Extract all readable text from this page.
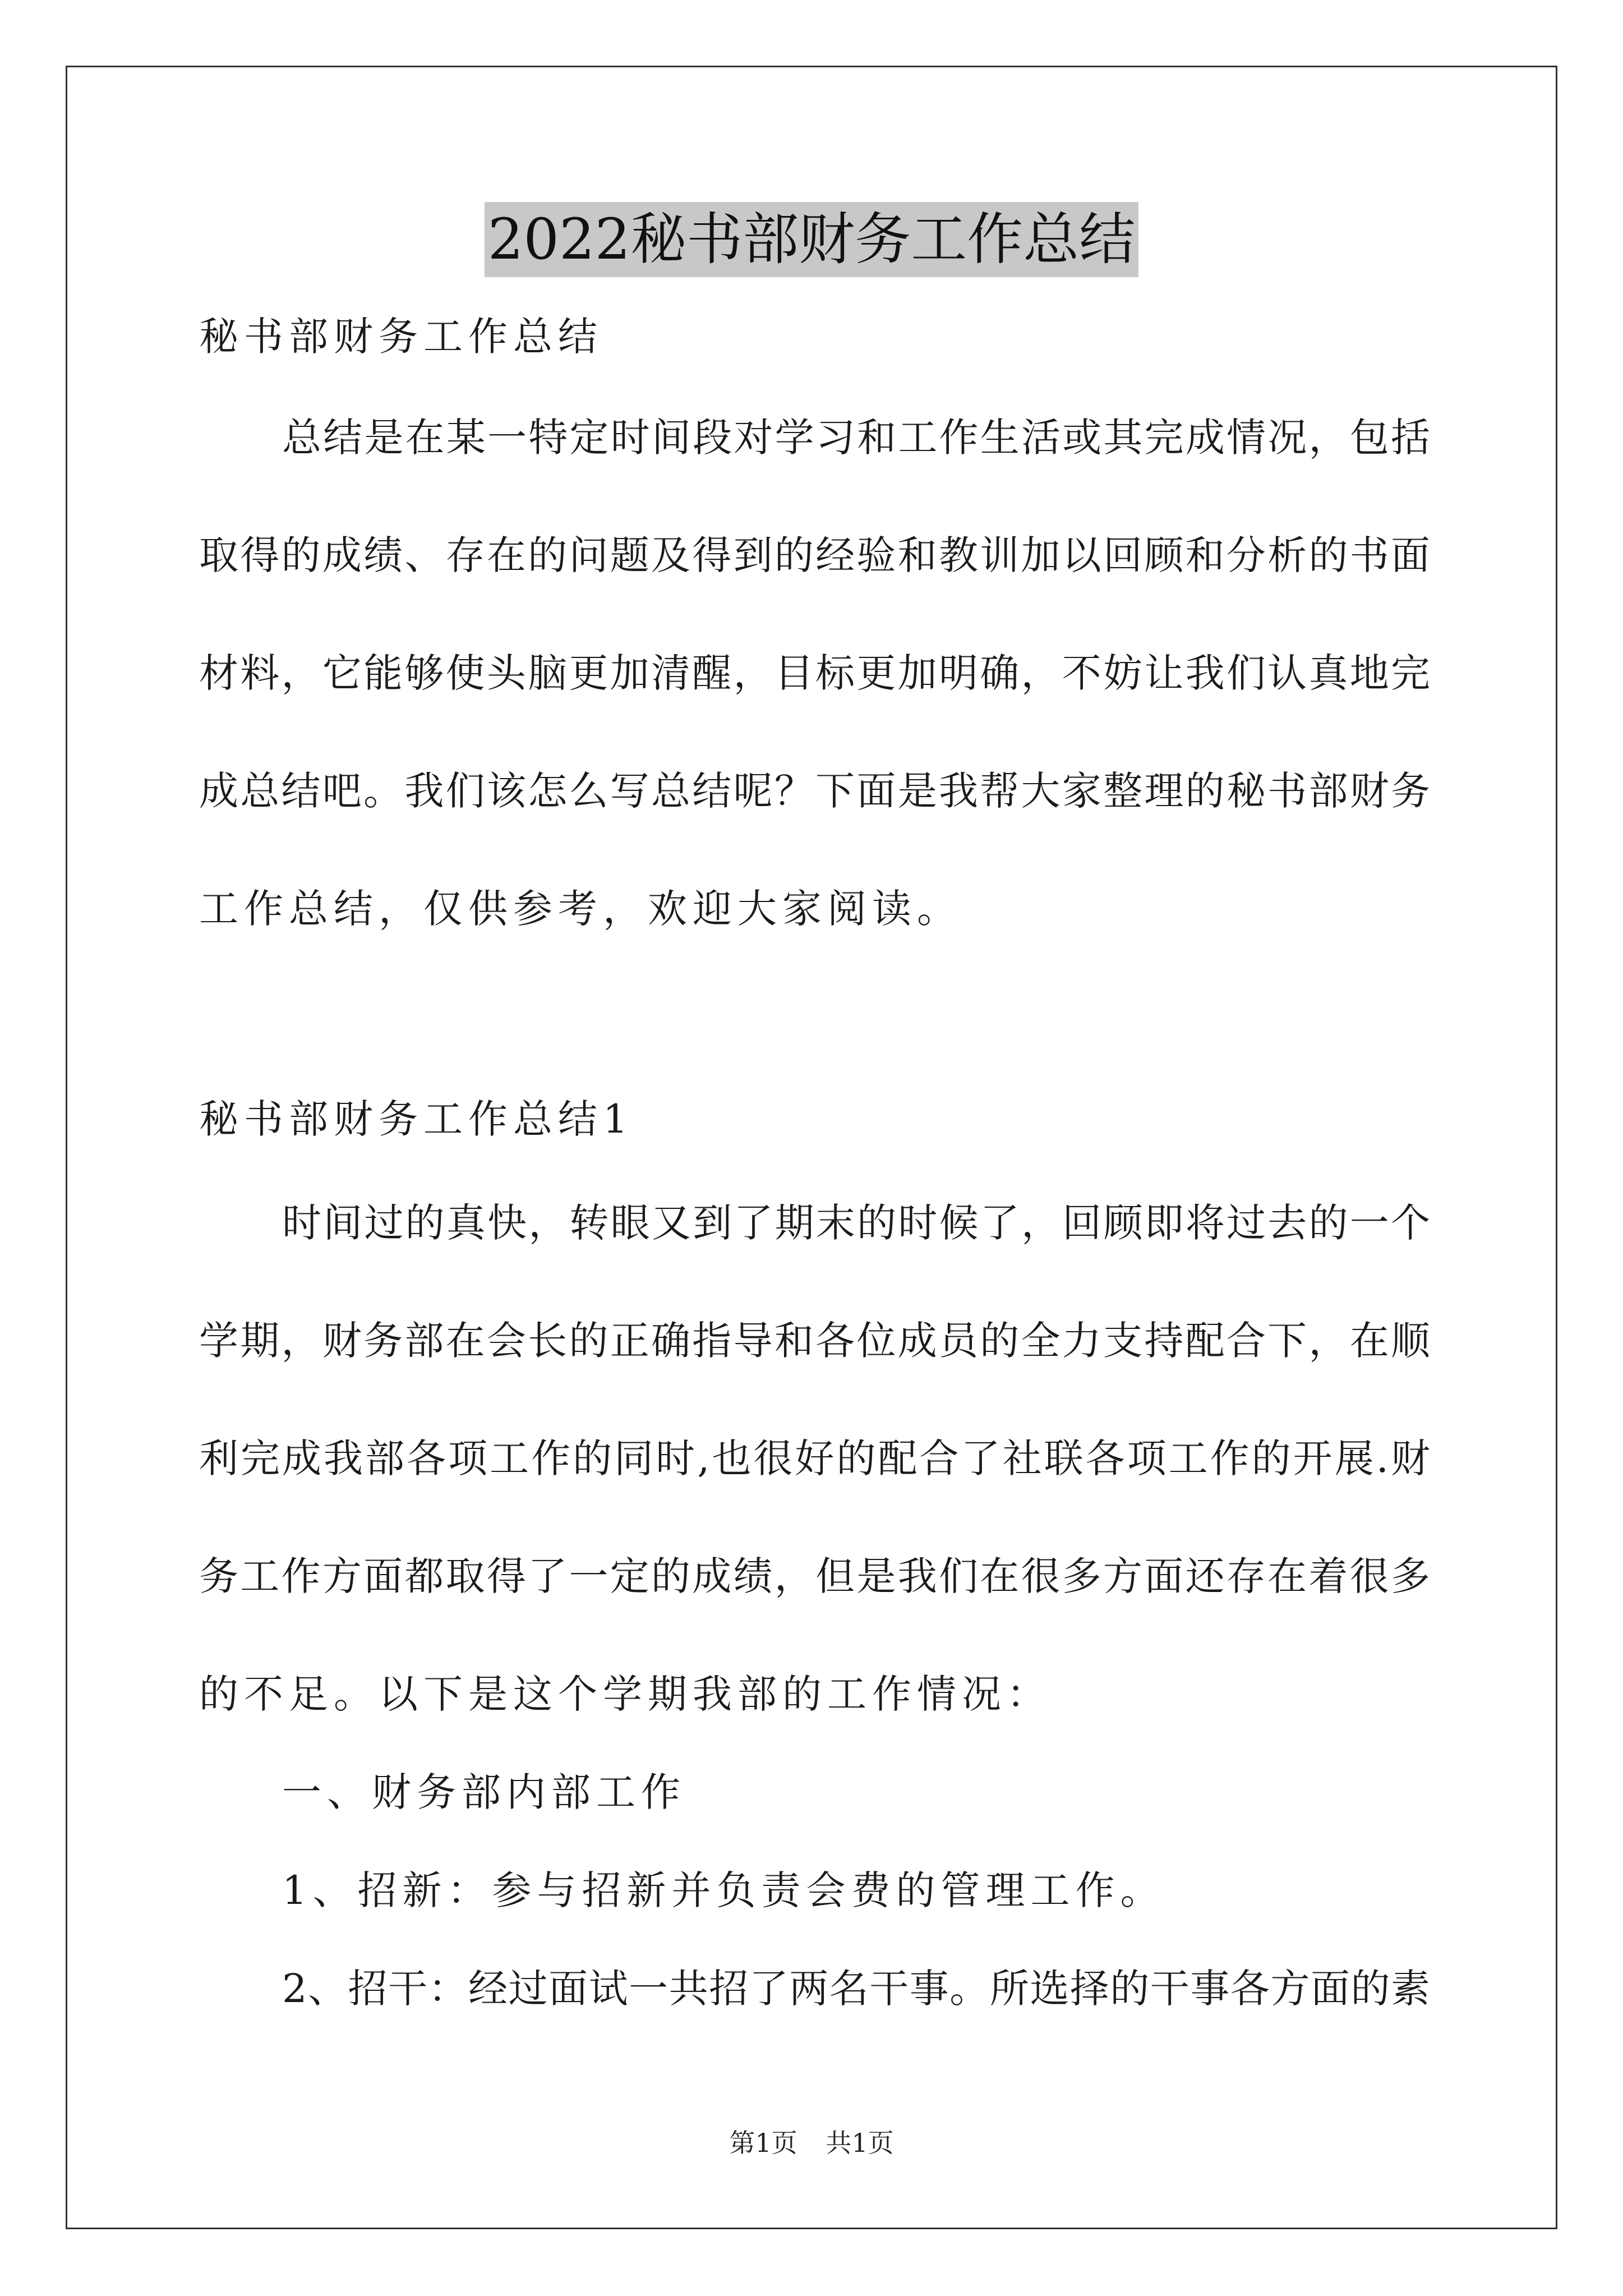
2022秘书部财务工作总结
秘书部财务工作总结
总结是在某一特定时间段对学习和工作生活或其完成情况，包括
取得的成绩、存在的问题及得到的经验和教训加以回顾和分析的书面
材料，它能够使头脑更加清醒，目标更加明确，不妨让我们认真地完
成总结吧。我们该怎么写总结呢？下面是我帮大家整理的秘书部财务
工作总结，仅供参考，欢迎大家阅读。
秘书部财务工作总结1
时间过的真快，转眼又到了期末的时候了，回顾即将过去的一个
学期，财务部在会长的正确指导和各位成员的全力支持配合下，在顺
利完成我部各项工作的同时,也很好的配合了社联各项工作的开展.财
务工作方面都取得了一定的成绩，但是我们在很多方面还存在着很多
的不足。以下是这个学期我部的工作情况：
一、财务部内部工作
1、招新：参与招新并负责会费的管理工作。
2、招干：经过面试一共招了两名干事。所选择的干事各方面的素
第1页 共1页
